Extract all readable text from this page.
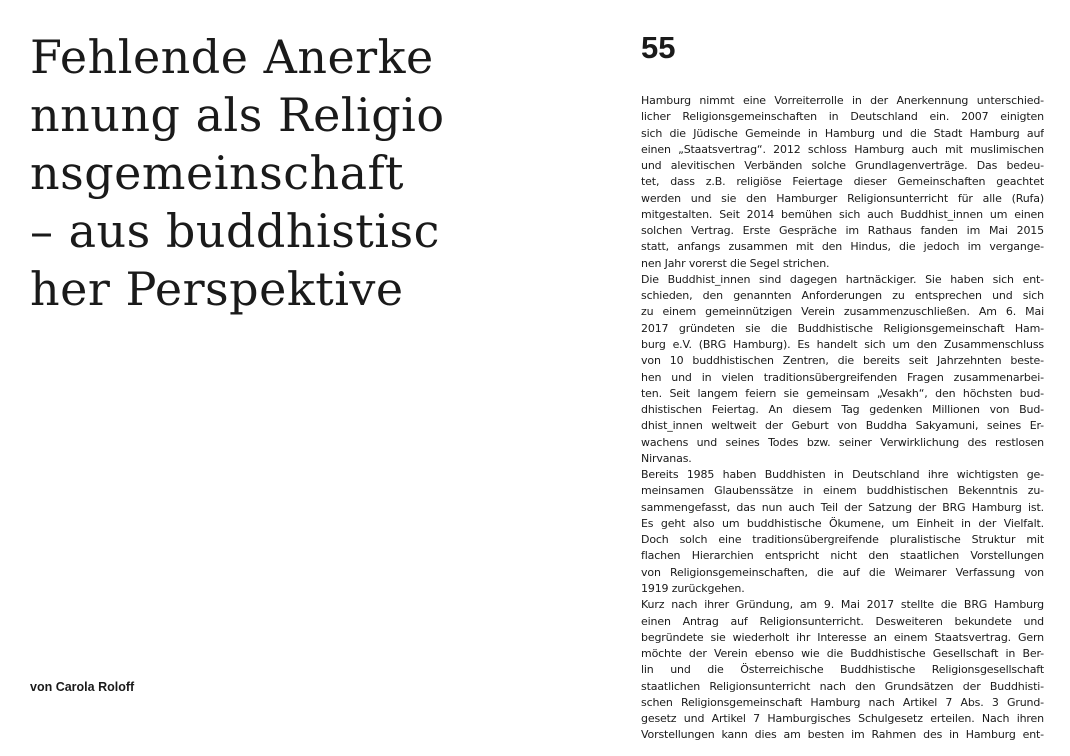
Fehlende Anerke
nnung als Religio
nsgemeinschaft
– aus buddhistisc
her Perspektive
von Carola Roloff
55
Hamburg nimmt eine Vorreiterrolle in der Anerkennung unterschied-
licher Religionsgemeinschaften in Deutschland ein. 2007 einigten
sich die Jüdische Gemeinde in Hamburg und die Stadt Hamburg auf
einen „Staatsvertrag“. 2012 schloss Hamburg auch mit muslimischen
und alevitischen Verbänden solche Grundlagenverträge. Das bedeu-
tet, dass z.B. religiöse Feiertage dieser Gemeinschaften geachtet
werden und sie den Hamburger Religionsunterricht für alle (Rufa)
mitgestalten. Seit 2014 bemühen sich auch Buddhist_innen um einen
solchen Vertrag. Erste Gespräche im Rathaus fanden im Mai 2015
statt, anfangs zusammen mit den Hindus, die jedoch im vergange-
nen Jahr vorerst die Segel strichen.
Die Buddhist_innen sind dagegen hartnäckiger. Sie haben sich ent-
schieden, den genannten Anforderungen zu entsprechen und sich
zu einem gemeinnützigen Verein zusammenzuschließen. Am 6. Mai
2017 gründeten sie die Buddhistische Religionsgemeinschaft Ham-
burg e.V. (BRG Hamburg). Es handelt sich um den Zusammenschluss
von 10 buddhistischen Zentren, die bereits seit Jahrzehnten beste-
hen und in vielen traditionsübergreifenden Fragen zusammenarbei-
ten. Seit langem feiern sie gemeinsam „Vesakh“, den höchsten bud-
dhistischen Feiertag. An diesem Tag gedenken Millionen von Bud-
dhist_innen weltweit der Geburt von Buddha Sakyamuni, seines Er-
wachens und seines Todes bzw. seiner Verwirklichung des restlosen
Nirvanas.
Bereits 1985 haben Buddhisten in Deutschland ihre wichtigsten ge-
meinsamen Glaubenssätze in einem buddhistischen Bekenntnis zu-
sammengefasst, das nun auch Teil der Satzung der BRG Hamburg ist.
Es geht also um buddhistische Ökumene, um Einheit in der Vielfalt.
Doch solch eine traditionsübergreifende pluralistische Struktur mit
flachen Hierarchien entspricht nicht den staatlichen Vorstellungen
von Religionsgemeinschaften, die auf die Weimarer Verfassung von
1919 zurückgehen.
Kurz nach ihrer Gründung, am 9. Mai 2017 stellte die BRG Hamburg
einen Antrag auf Religionsunterricht. Desweiteren bekundete und
begründete sie wiederholt ihr Interesse an einem Staatsvertrag. Gern
möchte der Verein ebenso wie die Buddhistische Gesellschaft in Ber-
lin und die Österreichische Buddhistische Religionsgesellschaft
staatlichen Religionsunterricht nach den Grundsätzen der Buddhisti-
schen Religionsgemeinschaft Hamburg nach Artikel 7 Abs. 3 Grund-
gesetz und Artikel 7 Hamburgisches Schulgesetz erteilen. Nach ihren
Vorstellungen kann dies am besten im Rahmen des in Hamburg ent-
